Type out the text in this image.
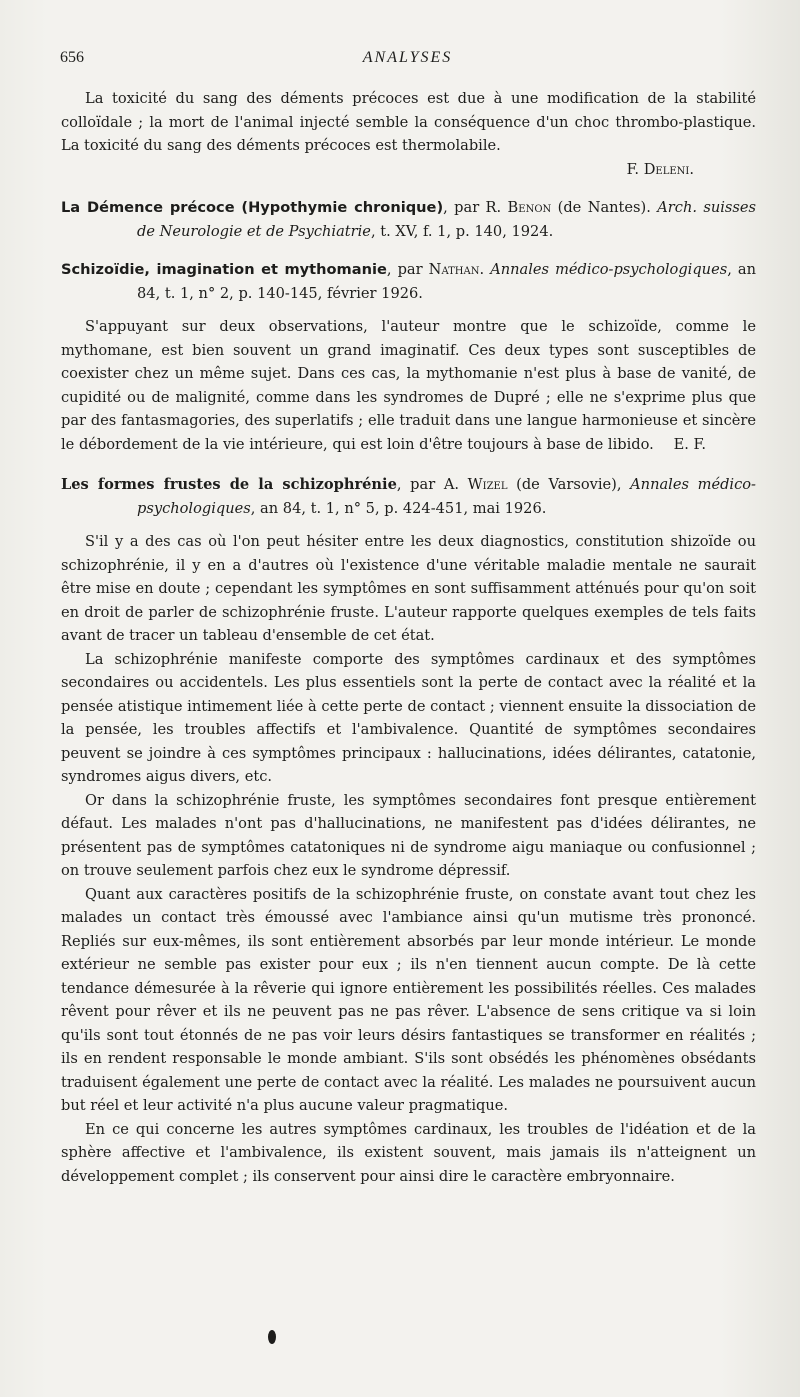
656	ANALYSES

La toxicité du sang des déments précoces est due à une modification de la stabilité colloïdale ; la mort de l'animal injecté semble la conséquence d'un choc thrombo-plastique. La toxicité du sang des déments précoces est thermolabile.

F. Deleni.

La Démence précoce (Hypothymie chronique), par R. Benon (de Nantes). Arch. suisses de Neurologie et de Psychiatrie, t. XV, f. 1, p. 140, 1924.

Schizoïdie, imagination et mythomanie, par Nathan. Annales médico-psychologiques, an 84, t. 1, n° 2, p. 140-145, février 1926.

S'appuyant sur deux observations, l'auteur montre que le schizoïde, comme le mythomane, est bien souvent un grand imaginatif. Ces deux types sont susceptibles de coexister chez un même sujet. Dans ces cas, la mythomanie n'est plus à base de vanité, de cupidité ou de malignité, comme dans les syndromes de Dupré ; elle ne s'exprime plus que par des fantasmagories, des superlatifs ; elle traduit dans une langue harmonieuse et sincère le débordement de la vie intérieure, qui est loin d'être toujours à base de libido.	E. F.

Les formes frustes de la schizophrénie, par A. Wizel (de Varsovie), Annales médico-psychologiques, an 84, t. 1, n° 5, p. 424-451, mai 1926.

S'il y a des cas où l'on peut hésiter entre les deux diagnostics, constitution shizoïde ou schizophrénie, il y en a d'autres où l'existence d'une véritable maladie mentale ne saurait être mise en doute ; cependant les symptômes en sont suffisamment atténués pour qu'on soit en droit de parler de schizophrénie fruste. L'auteur rapporte quelques exemples de tels faits avant de tracer un tableau d'ensemble de cet état.

La schizophrénie manifeste comporte des symptômes cardinaux et des symptômes secondaires ou accidentels. Les plus essentiels sont la perte de contact avec la réalité et la pensée atistique intimement liée à cette perte de contact ; viennent ensuite la dissociation de la pensée, les troubles affectifs et l'ambivalence. Quantité de symptômes secondaires peuvent se joindre à ces symptômes principaux : hallucinations, idées délirantes, catatonie, syndromes aigus divers, etc.

Or dans la schizophrénie fruste, les symptômes secondaires font presque entièrement défaut. Les malades n'ont pas d'hallucinations, ne manifestent pas d'idées délirantes, ne présentent pas de symptômes catatoniques ni de syndrome aigu maniaque ou confusionnel ; on trouve seulement parfois chez eux le syndrome dépressif.

Quant aux caractères positifs de la schizophrénie fruste, on constate avant tout chez les malades un contact très émoussé avec l'ambiance ainsi qu'un mutisme très prononcé. Repliés sur eux-mêmes, ils sont entièrement absorbés par leur monde intérieur. Le monde extérieur ne semble pas exister pour eux ; ils n'en tiennent aucun compte. De là cette tendance démesurée à la rêverie qui ignore entièrement les possibilités réelles. Ces malades rêvent pour rêver et ils ne peuvent pas ne pas rêver. L'absence de sens critique va si loin qu'ils sont tout étonnés de ne pas voir leurs désirs fantastiques se transformer en réalités ; ils en rendent responsable le monde ambiant. S'ils sont obsédés les phénomènes obsédants traduisent également une perte de contact avec la réalité. Les malades ne poursuivent aucun but réel et leur activité n'a plus aucune valeur pragmatique.

En ce qui concerne les autres symptômes cardinaux, les troubles de l'idéation et de la sphère affective et l'ambivalence, ils existent souvent, mais jamais ils n'atteignent un développement complet ; ils conservent pour ainsi dire le caractère embryonnaire.
